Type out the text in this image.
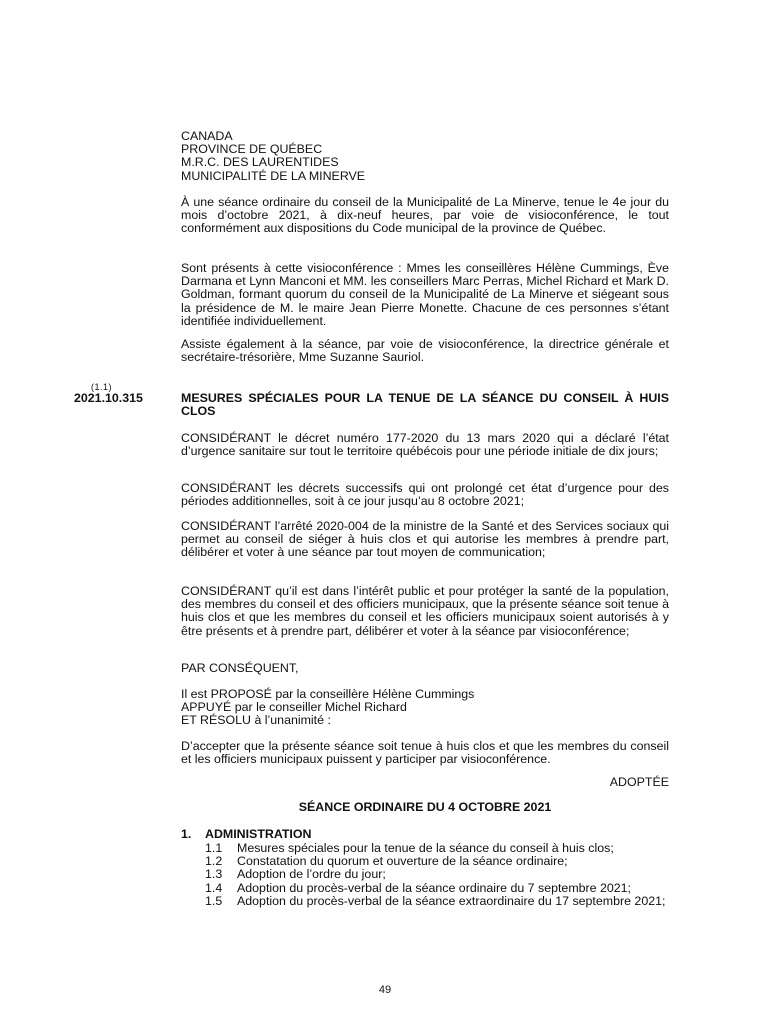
CANADA
PROVINCE DE QUÉBEC
M.R.C. DES LAURENTIDES
MUNICIPALITÉ DE LA MINERVE
À une séance ordinaire du conseil de la Municipalité de La Minerve, tenue le 4e jour du mois d’octobre 2021, à dix-neuf heures, par voie de visioconférence, le tout conformément aux dispositions du Code municipal de la province de Québec.
Sont présents à cette visioconférence : Mmes les conseillères Hélène Cummings, Ève Darmana et Lynn Manconi et MM. les conseillers Marc Perras, Michel Richard et Mark D. Goldman, formant quorum du conseil de la Municipalité de La Minerve et siégeant sous la présidence de M. le maire Jean Pierre Monette. Chacune de ces personnes s’étant identifiée individuellement.
Assiste également à la séance, par voie de visioconférence, la directrice générale et secrétaire-trésorière, Mme Suzanne Sauriol.
(1.1)
2021.10.315	MESURES SPÉCIALES POUR LA TENUE DE LA SÉANCE DU CONSEIL À HUIS CLOS
CONSIDÉRANT le décret numéro 177-2020 du 13 mars 2020 qui a déclaré l’état d’urgence sanitaire sur tout le territoire québécois pour une période initiale de dix jours;
CONSIDÉRANT les décrets successifs qui ont prolongé cet état d’urgence pour des périodes additionnelles, soit à ce jour jusqu’au 8 octobre 2021;
CONSIDÉRANT l’arrêté 2020-004 de la ministre de la Santé et des Services sociaux qui permet au conseil de siéger à huis clos et qui autorise les membres à prendre part, délibérer et voter à une séance par tout moyen de communication;
CONSIDÉRANT qu’il est dans l’intérêt public et pour protéger la santé de la population, des membres du conseil et des officiers municipaux, que la présente séance soit tenue à huis clos et que les membres du conseil et les officiers municipaux soient autorisés à y être présents et à prendre part, délibérer et voter à la séance par visioconférence;
PAR CONSÉQUENT,
Il est PROPOSÉ par la conseillère Hélène Cummings
APPUYÉ par le conseiller Michel Richard
ET RÉSOLU à l’unanimité :
D’accepter que la présente séance soit tenue à huis clos et que les membres du conseil et les officiers municipaux puissent y participer par visioconférence.
ADOPTÉE
SÉANCE ORDINAIRE DU 4 OCTOBRE 2021
1. ADMINISTRATION
1.1	Mesures spéciales pour la tenue de la séance du conseil à huis clos;
1.2	Constatation du quorum et ouverture de la séance ordinaire;
1.3	Adoption de l’ordre du jour;
1.4	Adoption du procès-verbal de la séance ordinaire du 7 septembre 2021;
1.5	Adoption du procès-verbal de la séance extraordinaire du 17 septembre 2021;
49
